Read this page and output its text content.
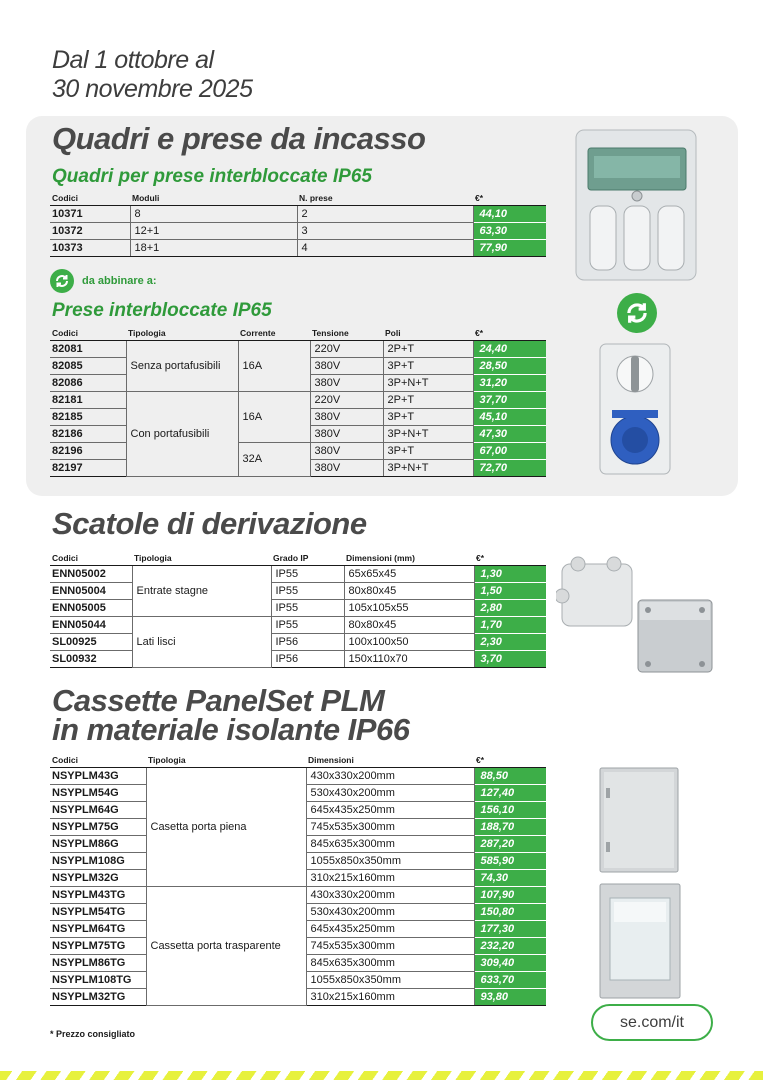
Dal 1 ottobre al
30 novembre 2025
Quadri e prese da incasso
Quadri per prese interbloccate IP65
Codici	Moduli	N. prese	€*
10371	8	2	44,10
10372	12+1	3	63,30
10373	18+1	4	77,90
da abbinare a:
Prese interbloccate IP65
Codici	Tipologia	Corrente	Tensione	Poli	€*
82081	Senza portafusibili	16A	220V	2P+T	24,40
82085			380V	3P+T	28,50
82086			380V	3P+N+T	31,20
82181	Con portafusibili	16A	220V	2P+T	37,70
82185			380V	3P+T	45,10
82186			380V	3P+N+T	47,30
82196		32A	380V	3P+T	67,00
82197			380V	3P+N+T	72,70
Scatole di derivazione
Codici	Tipologia	Grado IP	Dimensioni (mm)	€*
ENN05002	Entrate stagne	IP55	65x65x45	1,30
ENN05004		IP55	80x80x45	1,50
ENN05005		IP55	105x105x55	2,80
ENN05044	Lati lisci	IP55	80x80x45	1,70
SL00925		IP56	100x100x50	2,30
SL00932		IP56	150x110x70	3,70
Cassette PanelSet PLM
in materiale isolante IP66
Codici	Tipologia	Dimensioni	€*
NSYPLM43G	Casetta porta piena	430x330x200mm	88,50
NSYPLM54G		530x430x200mm	127,40
NSYPLM64G		645x435x250mm	156,10
NSYPLM75G		745x535x300mm	188,70
NSYPLM86G		845x635x300mm	287,20
NSYPLM108G		1055x850x350mm	585,90
NSYPLM32G		310x215x160mm	74,30
NSYPLM43TG	Cassetta porta trasparente	430x330x200mm	107,90
NSYPLM54TG		530x430x200mm	150,80
NSYPLM64TG		645x435x250mm	177,30
NSYPLM75TG		745x535x300mm	232,20
NSYPLM86TG		845x635x300mm	309,40
NSYPLM108TG		1055x850x350mm	633,70
NSYPLM32TG		310x215x160mm	93,80
* Prezzo consigliato
se.com/it
